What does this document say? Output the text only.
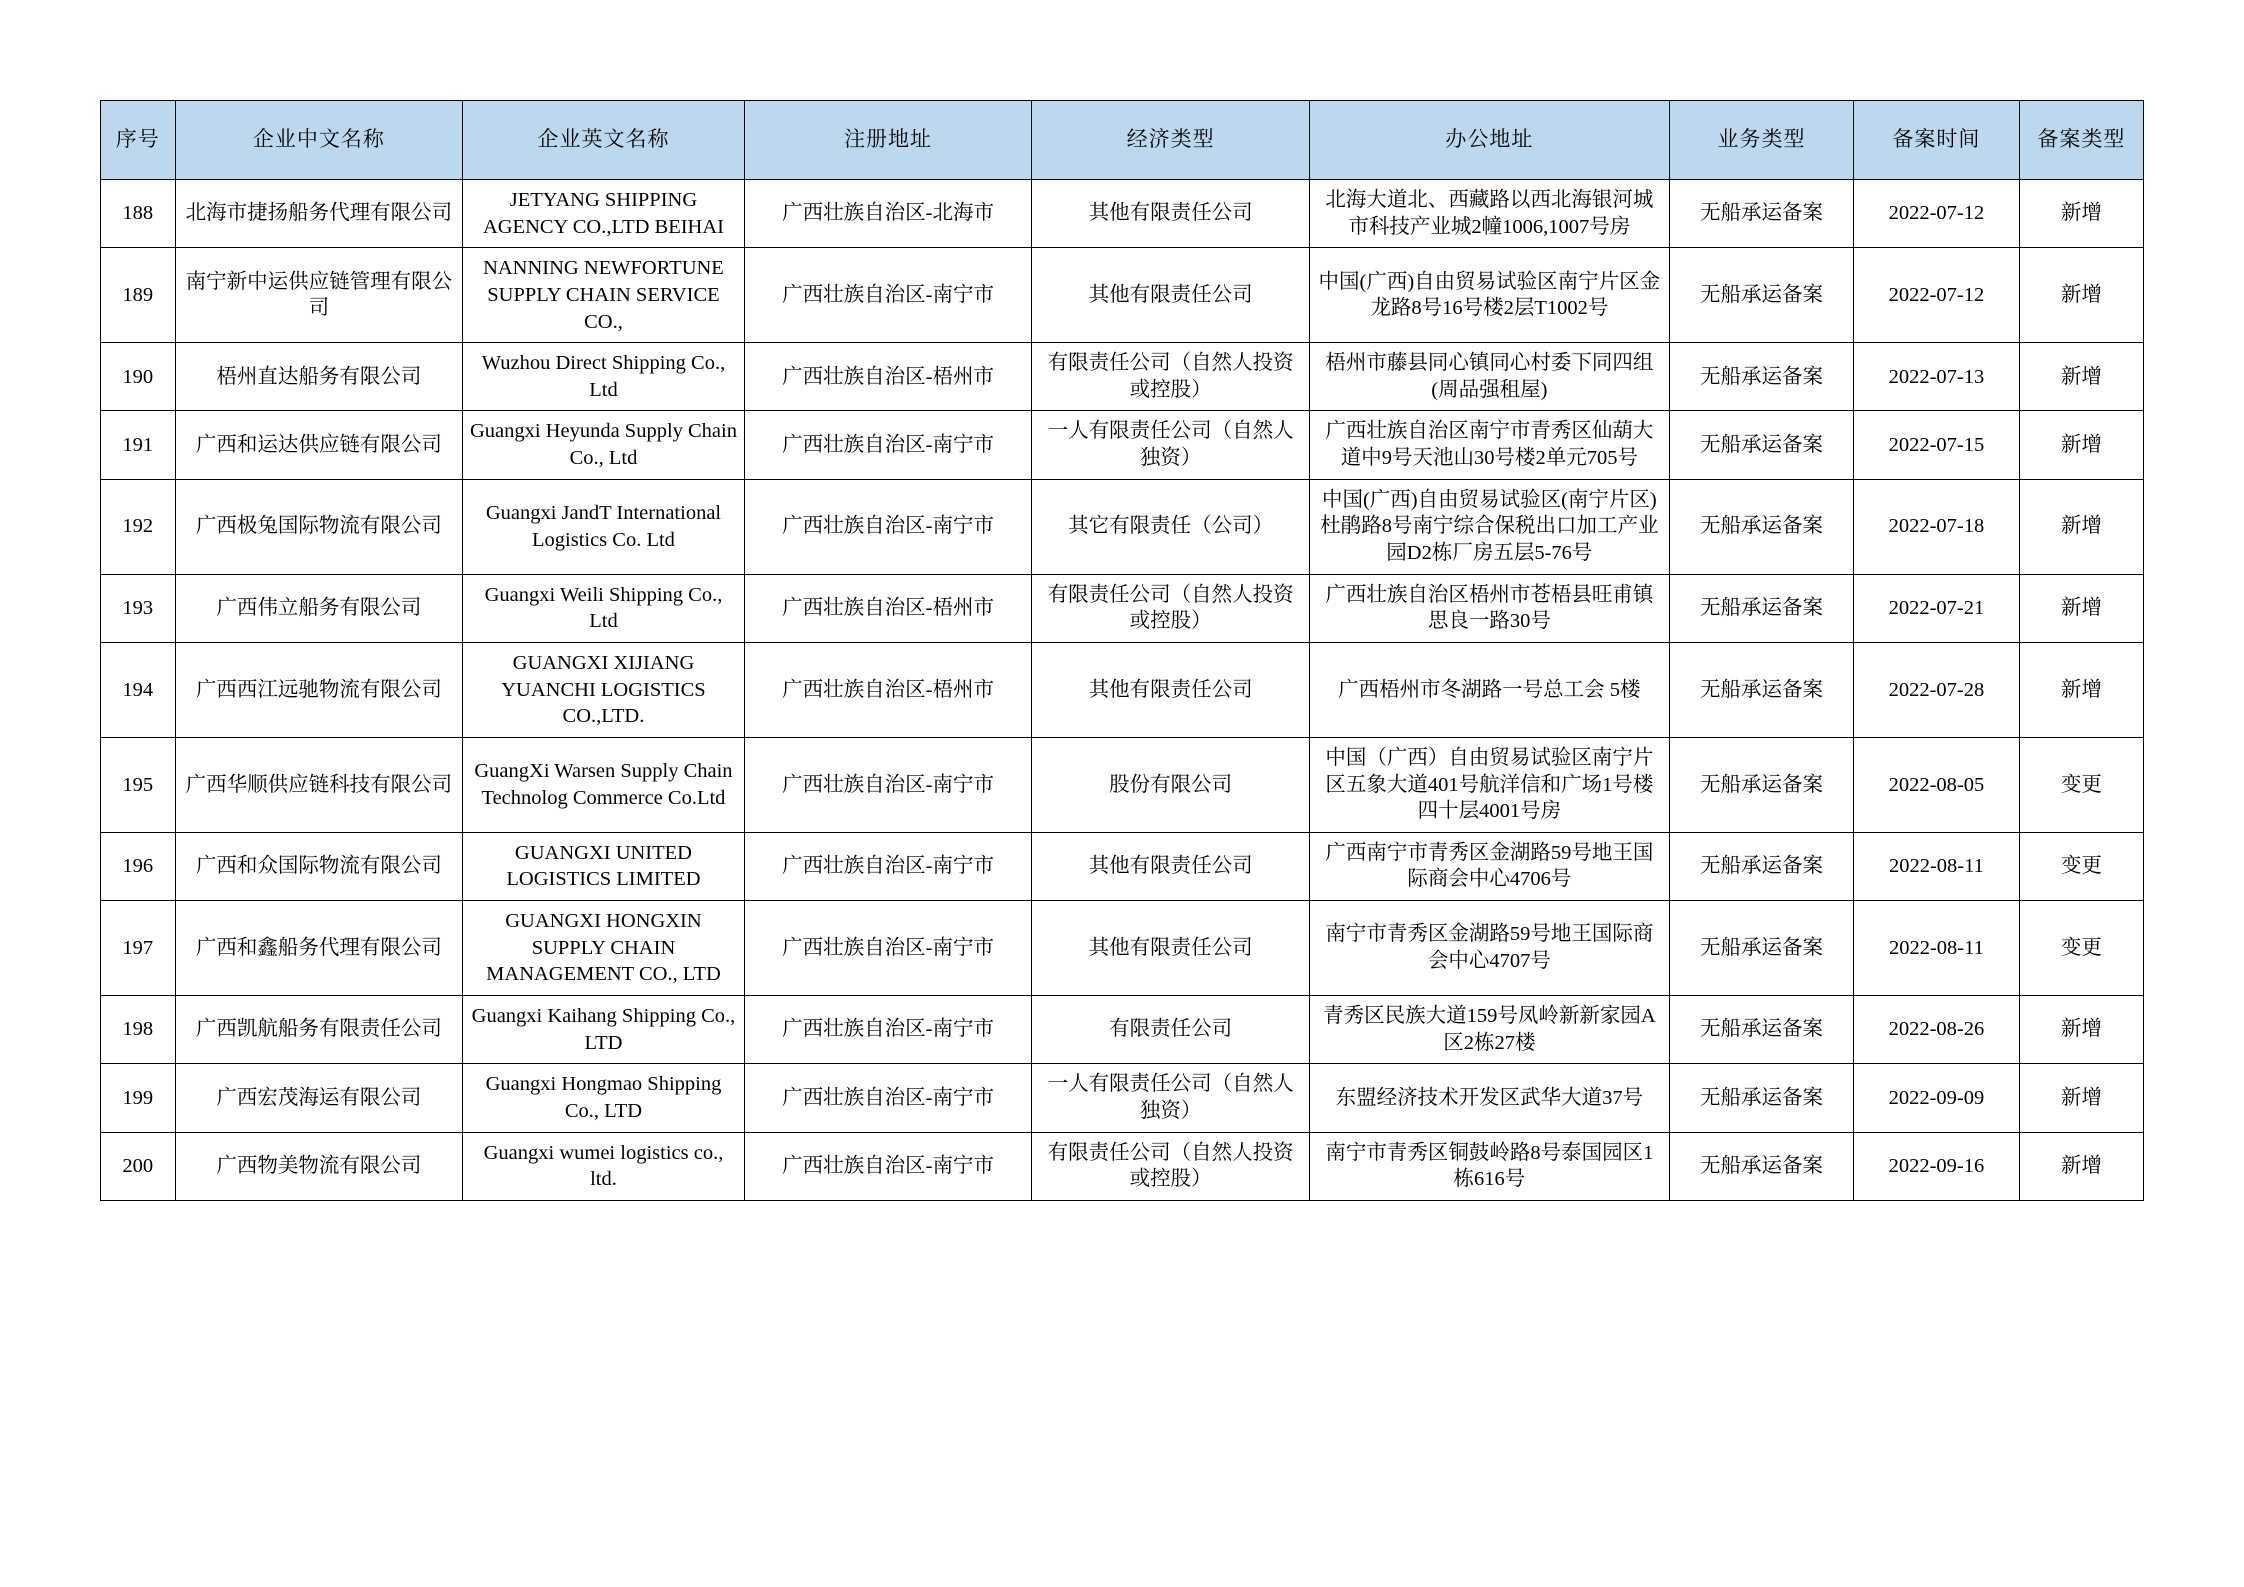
序号	企业中文名称	企业英文名称	注册地址	经济类型	办公地址	业务类型	备案时间	备案类型
188	北海市捷扬船务代理有限公司	JETYANG SHIPPING AGENCY CO.,LTD BEIHAI	广西壮族自治区-北海市	其他有限责任公司	北海大道北、西藏路以西北海银河城市科技产业城2幢1006,1007号房	无船承运备案	2022-07-12	新增
189	南宁新中运供应链管理有限公司	NANNING NEWFORTUNE SUPPLY CHAIN SERVICE CO.,	广西壮族自治区-南宁市	其他有限责任公司	中国(广西)自由贸易试验区南宁片区金龙路8号16号楼2层T1002号	无船承运备案	2022-07-12	新增
190	梧州直达船务有限公司	Wuzhou Direct Shipping Co., Ltd	广西壮族自治区-梧州市	有限责任公司（自然人投资或控股）	梧州市藤县同心镇同心村委下同四组(周品强租屋)	无船承运备案	2022-07-13	新增
191	广西和运达供应链有限公司	Guangxi Heyunda Supply Chain Co., Ltd	广西壮族自治区-南宁市	一人有限责任公司（自然人独资）	广西壮族自治区南宁市青秀区仙葫大道中9号天池山30号楼2单元705号	无船承运备案	2022-07-15	新增
192	广西极兔国际物流有限公司	Guangxi JandT International Logistics Co. Ltd	广西壮族自治区-南宁市	其它有限责任（公司）	中国(广西)自由贸易试验区(南宁片区)杜鹃路8号南宁综合保税出口加工产业园D2栋厂房五层5-76号	无船承运备案	2022-07-18	新增
193	广西伟立船务有限公司	Guangxi Weili Shipping Co., Ltd	广西壮族自治区-梧州市	有限责任公司（自然人投资或控股）	广西壮族自治区梧州市苍梧县旺甫镇思良一路30号	无船承运备案	2022-07-21	新增
194	广西西江远驰物流有限公司	GUANGXI XIJIANG YUANCHI LOGISTICS CO.,LTD.	广西壮族自治区-梧州市	其他有限责任公司	广西梧州市冬湖路一号总工会 5楼	无船承运备案	2022-07-28	新增
195	广西华顺供应链科技有限公司	GuangXi Warsen Supply Chain Technolog Commerce Co.Ltd	广西壮族自治区-南宁市	股份有限公司	中国（广西）自由贸易试验区南宁片区五象大道401号航洋信和广场1号楼四十层4001号房	无船承运备案	2022-08-05	变更
196	广西和众国际物流有限公司	GUANGXI UNITED LOGISTICS LIMITED	广西壮族自治区-南宁市	其他有限责任公司	广西南宁市青秀区金湖路59号地王国际商会中心4706号	无船承运备案	2022-08-11	变更
197	广西和鑫船务代理有限公司	GUANGXI HONGXIN SUPPLY CHAIN MANAGEMENT CO., LTD	广西壮族自治区-南宁市	其他有限责任公司	南宁市青秀区金湖路59号地王国际商会中心4707号	无船承运备案	2022-08-11	变更
198	广西凯航船务有限责任公司	Guangxi Kaihang Shipping Co., LTD	广西壮族自治区-南宁市	有限责任公司	青秀区民族大道159号凤岭新新家园A区2栋27楼	无船承运备案	2022-08-26	新增
199	广西宏茂海运有限公司	Guangxi Hongmao Shipping Co., LTD	广西壮族自治区-南宁市	一人有限责任公司（自然人独资）	东盟经济技术开发区武华大道37号	无船承运备案	2022-09-09	新增
200	广西物美物流有限公司	Guangxi wumei logistics co., ltd.	广西壮族自治区-南宁市	有限责任公司（自然人投资或控股）	南宁市青秀区铜鼓岭路8号泰国园区1栋616号	无船承运备案	2022-09-16	新增
